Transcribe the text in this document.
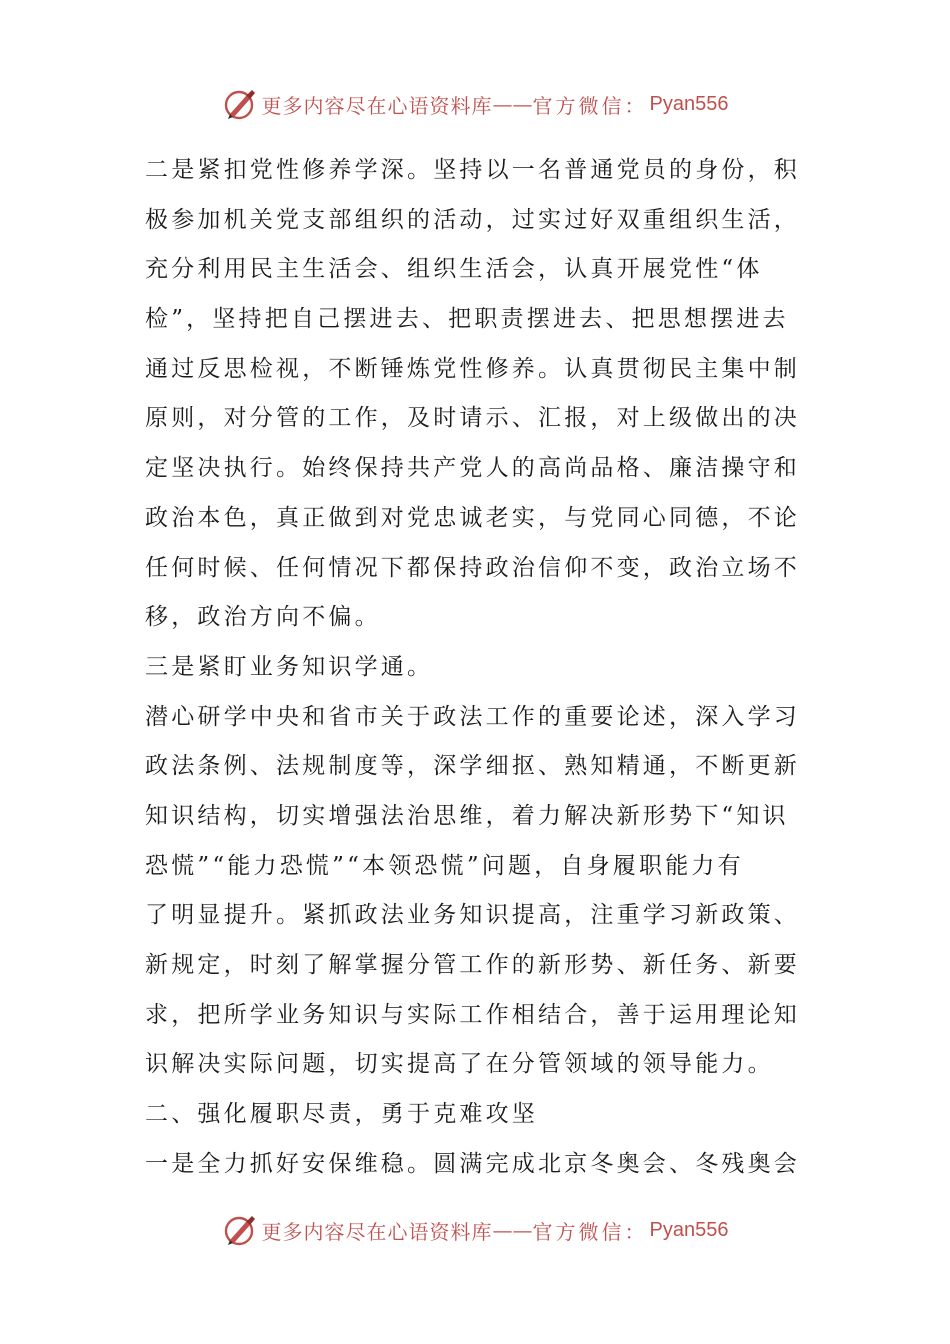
更多内容尽在心语资料库 —— 官方微信： Pyan556
二是紧扣党性修养学深。坚持以一名普通党员的身份，积
极参加机关党支部组织的活动，过实过好双重组织生活，
充分利用民主生活会、组织生活会，认真开展党性“体
检”，坚持把自己摆进去、把职责摆进去、把思想摆进去
通过反思检视，不断锤炼党性修养。认真贯彻民主集中制
原则，对分管的工作，及时请示、汇报，对上级做出的决
定坚决执行。始终保持共产党人的高尚品格、廉洁操守和
政治本色，真正做到对党忠诚老实，与党同心同德，不论
任何时候、任何情况下都保持政治信仰不变，政治立场不
移，政治方向不偏。
三是紧盯业务知识学通。
潜心研学中央和省市关于政法工作的重要论述，深入学习
政法条例、法规制度等，深学细抠、熟知精通，不断更新
知识结构，切实增强法治思维，着力解决新形势下“知识
恐慌”“能力恐慌”“本领恐慌”问题，自身履职能力有
了明显提升。紧抓政法业务知识提高，注重学习新政策、
新规定，时刻了解掌握分管工作的新形势、新任务、新要
求，把所学业务知识与实际工作相结合，善于运用理论知
识解决实际问题，切实提高了在分管领域的领导能力。
二、强化履职尽责，勇于克难攻坚
一是全力抓好安保维稳。圆满完成北京冬奥会、冬残奥会
更多内容尽在心语资料库 —— 官方微信： Pyan556
